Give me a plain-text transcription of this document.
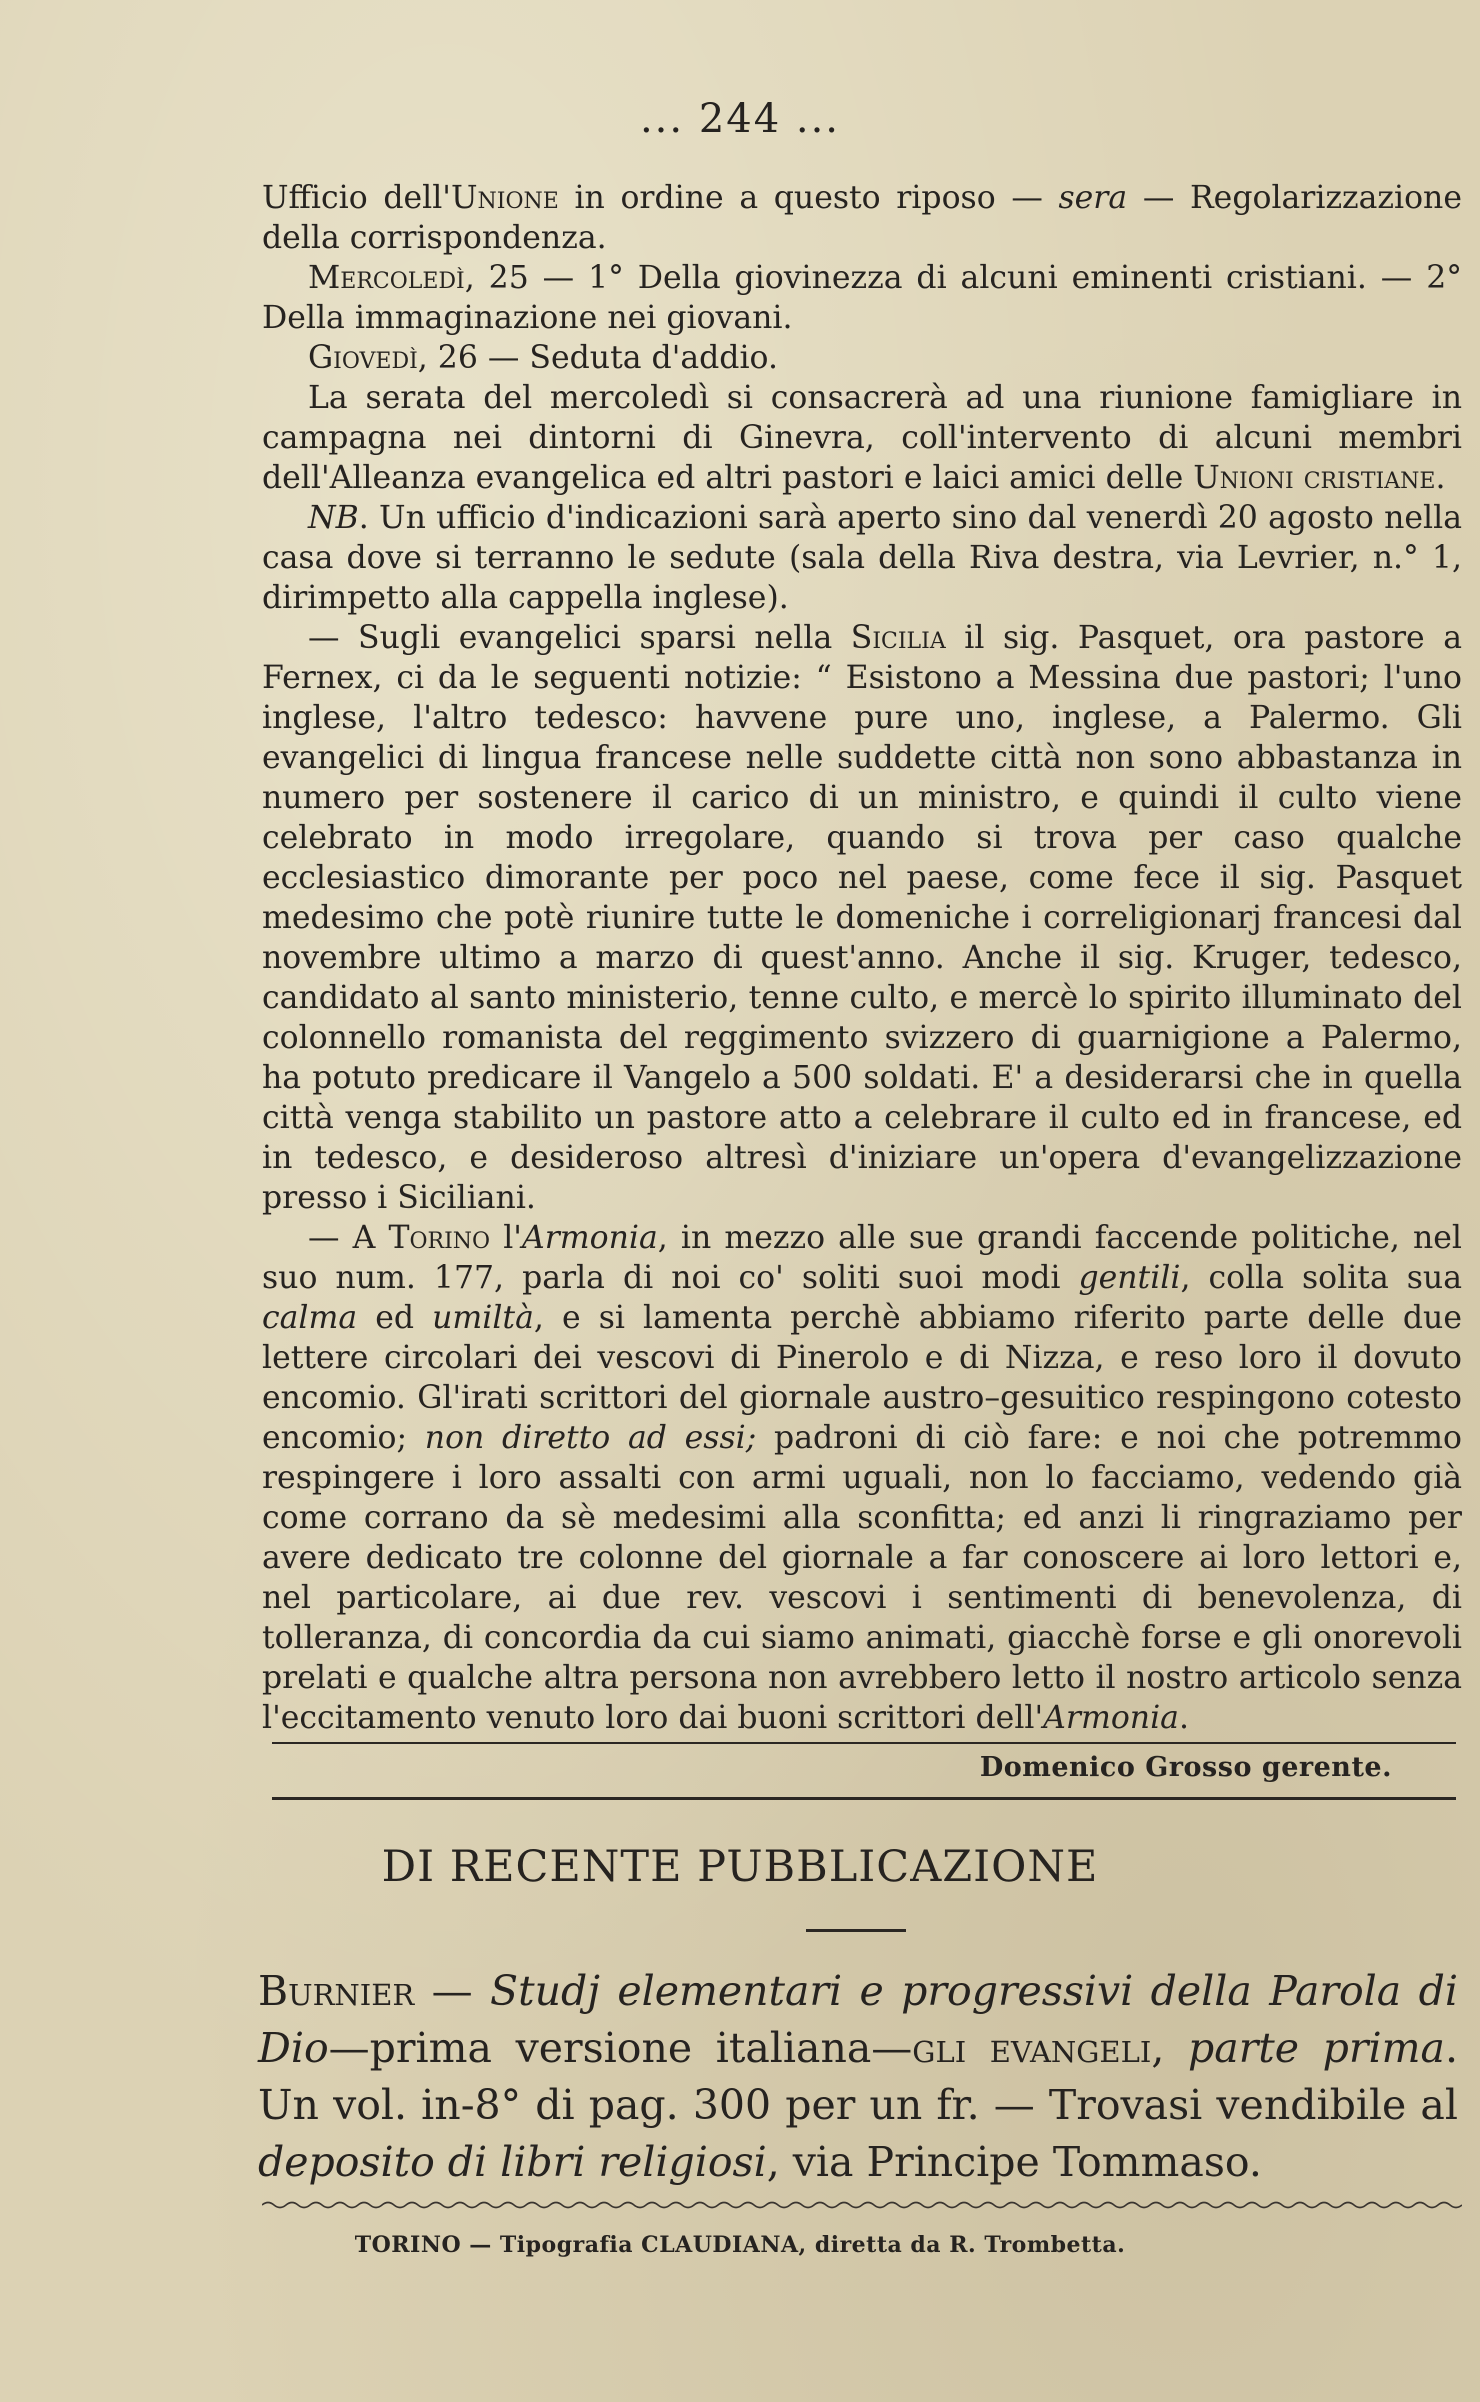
... 244 ...

Ufficio dell'Unione in ordine a questo riposo — sera — Regolarizzazione della corrispondenza.

Mercoledì, 25 — 1° Della giovinezza di alcuni eminenti cristiani. — 2° Della immaginazione nei giovani.

Giovedì, 26 — Seduta d'addio.

La serata del mercoledì si consacrerà ad una riunione famigliare in campagna nei dintorni di Ginevra, coll'intervento di alcuni membri dell'Alleanza evangelica ed altri pastori e laici amici delle Unioni cristiane.

NB. Un ufficio d'indicazioni sarà aperto sino dal venerdì 20 agosto nella casa dove si terranno le sedute (sala della Riva destra, via Levrier, n.° 1, dirimpetto alla cappella inglese).

— Sugli evangelici sparsi nella Sicilia il sig. Pasquet, ora pastore a Fernex, ci da le seguenti notizie: “ Esistono a Messina due pastori; l'uno inglese, l'altro tedesco: havvene pure uno, inglese, a Palermo. Gli evangelici di lingua francese nelle suddette città non sono abbastanza in numero per sostenere il carico di un ministro, e quindi il culto viene celebrato in modo irregolare, quando si trova per caso qualche ecclesiastico dimorante per poco nel paese, come fece il sig. Pasquet medesimo che potè riunire tutte le domeniche i correligionarj francesi dal novembre ultimo a marzo di quest'anno. Anche il sig. Kruger, tedesco, candidato al santo ministerio, tenne culto, e mercè lo spirito illuminato del colonnello romanista del reggimento svizzero di guarnigione a Palermo, ha potuto predicare il Vangelo a 500 soldati. E' a desiderarsi che in quella città venga stabilito un pastore atto a celebrare il culto ed in francese, ed in tedesco, e desideroso altresì d'iniziare un'opera d'evangelizzazione presso i Siciliani.

— A Torino l'Armonia, in mezzo alle sue grandi faccende politiche, nel suo num. 177, parla di noi co' soliti suoi modi gentili, colla solita sua calma ed umiltà, e si lamenta perchè abbiamo riferito parte delle due lettere circolari dei vescovi di Pinerolo e di Nizza, e reso loro il dovuto encomio. Gl'irati scrittori del giornale austro–gesuitico respingono cotesto encomio; non diretto ad essi; padroni di ciò fare: e noi che potremmo respingere i loro assalti con armi uguali, non lo facciamo, vedendo già come corrano da sè medesimi alla sconfitta; ed anzi li ringraziamo per avere dedicato tre colonne del giornale a far conoscere ai loro lettori e, nel particolare, ai due rev. vescovi i sentimenti di benevolenza, di tolleranza, di concordia da cui siamo animati, giacchè forse e gli onorevoli prelati e qualche altra persona non avrebbero letto il nostro articolo senza l'eccitamento venuto loro dai buoni scrittori dell'Armonia.

Domenico Grosso gerente.
DI RECENTE PUBBLICAZIONE

Burnier — Studj elementari e progressivi della Parola di Dio—prima versione italiana—gli evangeli, parte prima. Un vol. in-8° di pag. 300 per un fr. — Trovasi vendibile al deposito di libri religiosi, via Principe Tommaso.

TORINO — Tipografia CLAUDIANA, diretta da R. Trombetta.
